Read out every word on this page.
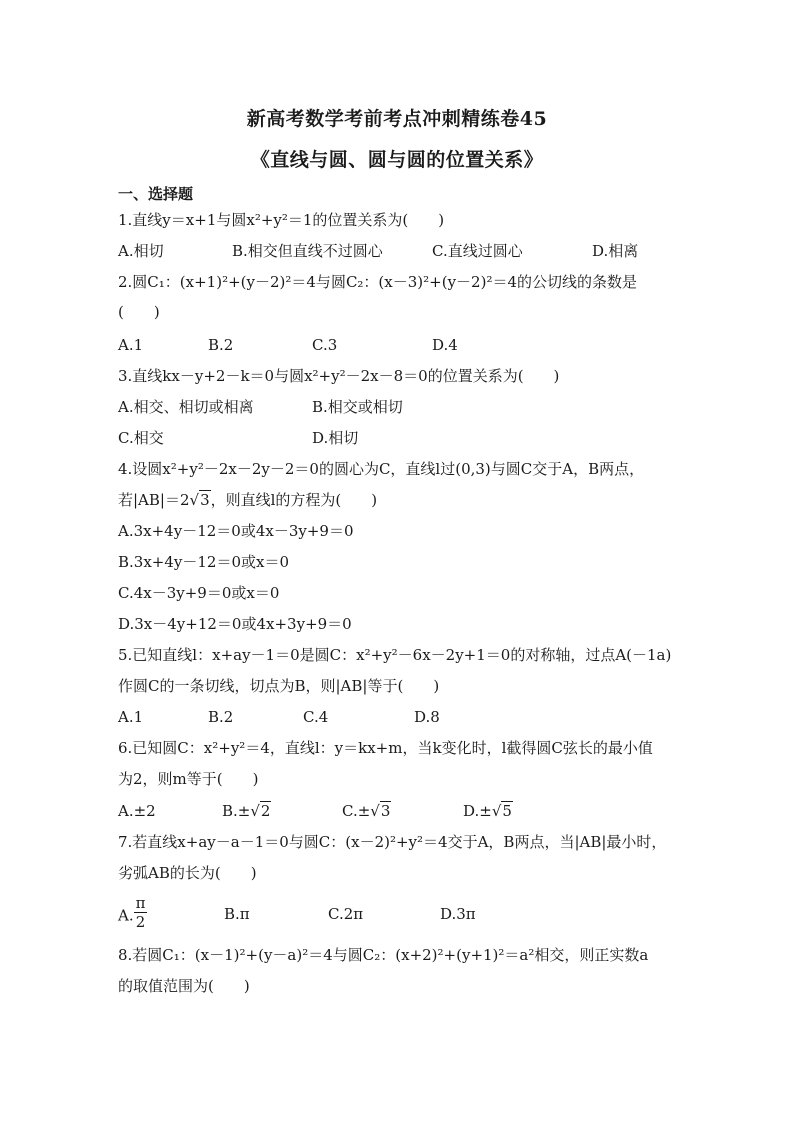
新高考数学考前考点冲刺精练卷45
《直线与圆、圆与圆的位置关系》
一、选择题
1.直线y＝x+1与圆x²+y²＝1的位置关系为(　　)
A.相切	B.相交但直线不过圆心	C.直线过圆心	D.相离
2.圆C₁：(x+1)²+(y－2)²＝4与圆C₂：(x－3)²+(y－2)²＝4的公切线的条数是
(　　)
A.1	B.2	C.3	D.4
3.直线kx－y+2－k＝0与圆x²+y²－2x－8＝0的位置关系为(　　)
A.相交、相切或相离	B.相交或相切
C.相交	D.相切
4.设圆x²+y²－2x－2y－2＝0的圆心为C，直线l过(0,3)与圆C交于A，B两点，
若|AB|＝2√3，则直线l的方程为(　　)
A.3x+4y－12＝0或4x－3y+9＝0
B.3x+4y－12＝0或x＝0
C.4x－3y+9＝0或x＝0
D.3x－4y+12＝0或4x+3y+9＝0
5.已知直线l：x+ay－1＝0是圆C：x²+y²－6x－2y+1＝0的对称轴，过点A(－1a)
作圆C的一条切线，切点为B，则|AB|等于(　　)
A.1	B.2	C.4	D.8
6.已知圆C：x²+y²＝4，直线l：y＝kx+m，当k变化时，l截得圆C弦长的最小值
为2，则m等于(　　)
A.±2	B.±√2	C.±√3	D.±√5
7.若直线x+ay－a－1＝0与圆C：(x－2)²+y²＝4交于A，B两点，当|AB|最小时，
劣弧AB的长为(　　)
A. $\frac{\pi}{2}$	B.π	C.2π	D.3π
8.若圆C₁：(x－1)²+(y－a)²＝4与圆C₂：(x+2)²+(y+1)²＝a²相交，则正实数a
的取值范围为(　　)
